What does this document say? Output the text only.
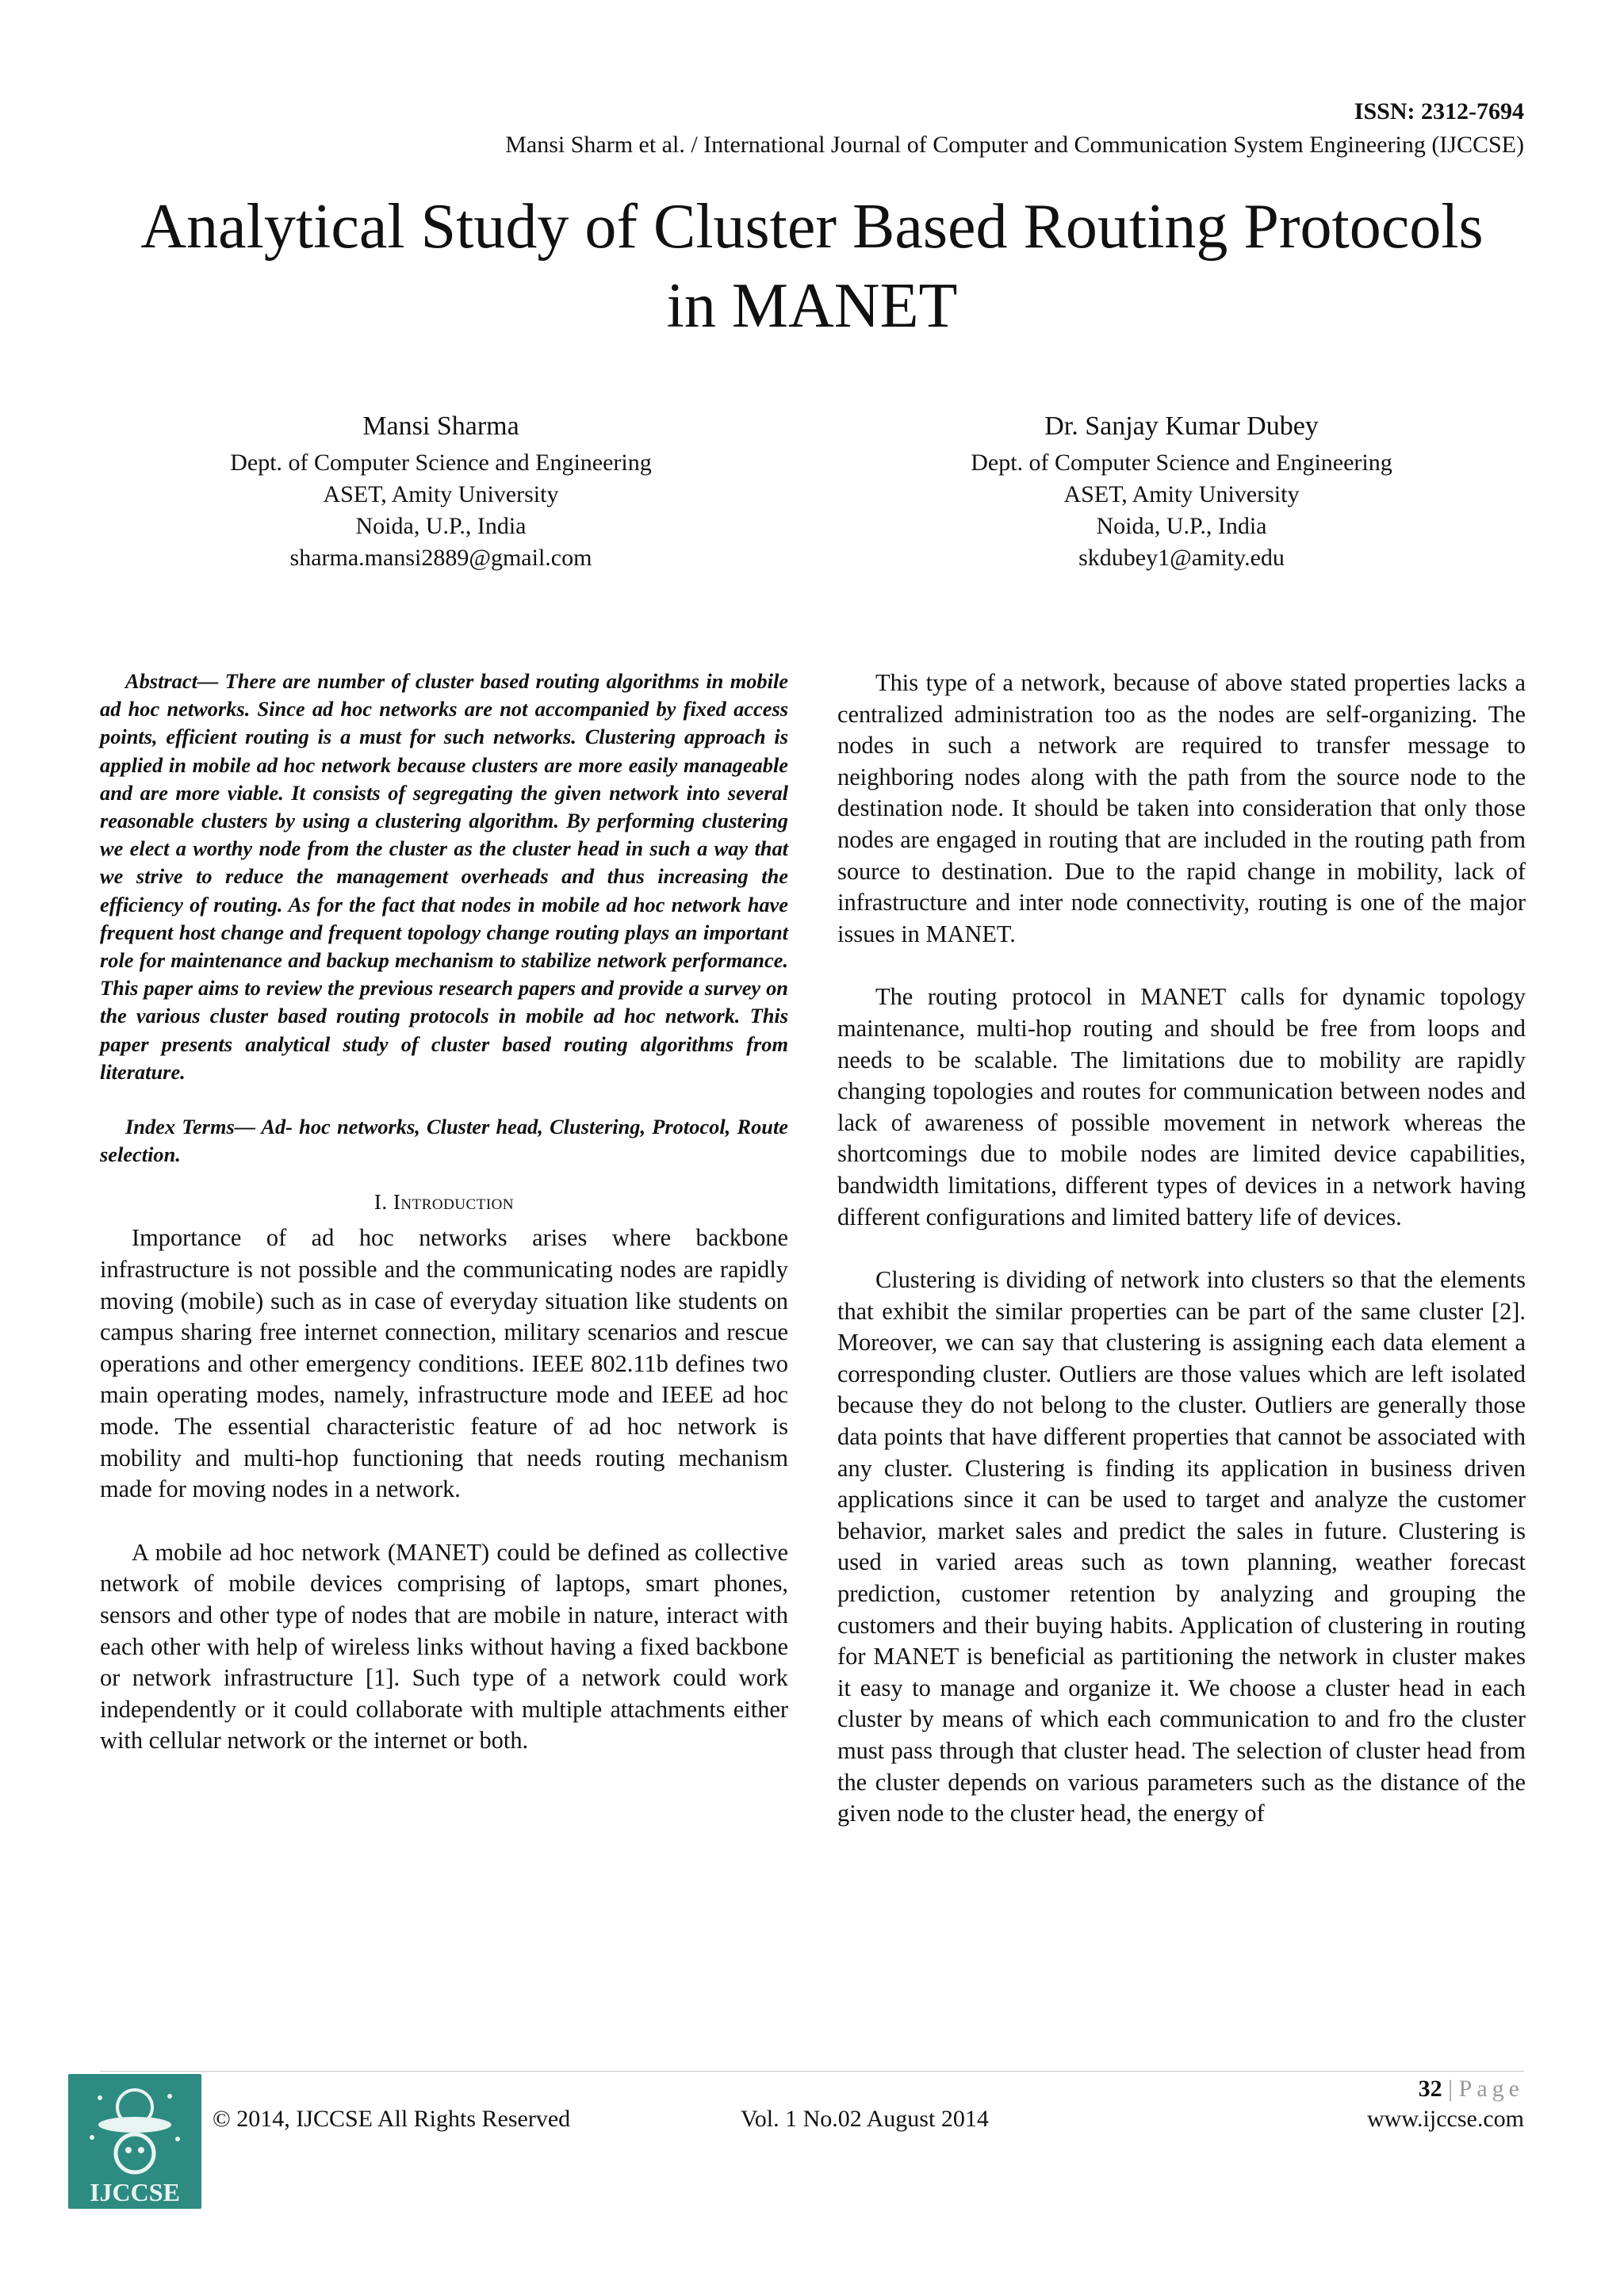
ISSN: 2312-7694
Mansi Sharm et al. / International Journal of Computer and Communication System Engineering (IJCCSE)
Analytical Study of Cluster Based Routing Protocols
in MANET
Mansi Sharma
Dept. of Computer Science and Engineering
ASET, Amity University
Noida, U.P., India
sharma.mansi2889@gmail.com
Dr. Sanjay Kumar Dubey
Dept. of Computer Science and Engineering
ASET, Amity University
Noida, U.P., India
skdubey1@amity.edu

Abstract— There are number of cluster based routing algorithms in mobile ad hoc networks. Since ad hoc networks are not accompanied by fixed access points, efficient routing is a must for such networks. Clustering approach is applied in mobile ad hoc network because clusters are more easily manageable and are more viable. It consists of segregating the given network into several reasonable clusters by using a clustering algorithm. By performing clustering we elect a worthy node from the cluster as the cluster head in such a way that we strive to reduce the management overheads and thus increasing the efficiency of routing. As for the fact that nodes in mobile ad hoc network have frequent host change and frequent topology change routing plays an important role for maintenance and backup mechanism to stabilize network performance. This paper aims to review the previous research papers and provide a survey on the various cluster based routing protocols in mobile ad hoc network. This paper presents analytical study of cluster based routing algorithms from literature.

Index Terms— Ad- hoc networks, Cluster head, Clustering, Protocol, Route selection.

I. Introduction

Importance of ad hoc networks arises where backbone infrastructure is not possible and the communicating nodes are rapidly moving (mobile) such as in case of everyday situation like students on campus sharing free internet connection, military scenarios and rescue operations and other emergency conditions. IEEE 802.11b defines two main operating modes, namely, infrastructure mode and IEEE ad hoc mode. The essential characteristic feature of ad hoc network is mobility and multi-hop functioning that needs routing mechanism made for moving nodes in a network.

A mobile ad hoc network (MANET) could be defined as collective network of mobile devices comprising of laptops, smart phones, sensors and other type of nodes that are mobile in nature, interact with each other with help of wireless links without having a fixed backbone or network infrastructure [1]. Such type of a network could work independently or it could collaborate with multiple attachments either with cellular network or the internet or both.

This type of a network, because of above stated properties lacks a centralized administration too as the nodes are self-organizing. The nodes in such a network are required to transfer message to neighboring nodes along with the path from the source node to the destination node. It should be taken into consideration that only those nodes are engaged in routing that are included in the routing path from source to destination. Due to the rapid change in mobility, lack of infrastructure and inter node connectivity, routing is one of the major issues in MANET.

The routing protocol in MANET calls for dynamic topology maintenance, multi-hop routing and should be free from loops and needs to be scalable. The limitations due to mobility are rapidly changing topologies and routes for communication between nodes and lack of awareness of possible movement in network whereas the shortcomings due to mobile nodes are limited device capabilities, bandwidth limitations, different types of devices in a network having different configurations and limited battery life of devices.

Clustering is dividing of network into clusters so that the elements that exhibit the similar properties can be part of the same cluster [2]. Moreover, we can say that clustering is assigning each data element a corresponding cluster. Outliers are those values which are left isolated because they do not belong to the cluster. Outliers are generally those data points that have different properties that cannot be associated with any cluster. Clustering is finding its application in business driven applications since it can be used to target and analyze the customer behavior, market sales and predict the sales in future. Clustering is used in varied areas such as town planning, weather forecast prediction, customer retention by analyzing and grouping the customers and their buying habits. Application of clustering in routing for MANET is beneficial as partitioning the network in cluster makes it easy to manage and organize it. We choose a cluster head in each cluster by means of which each communication to and fro the cluster must pass through that cluster head. The selection of cluster head from the cluster depends on various parameters such as the distance of the given node to the cluster head, the energy of

IJCCSE
© 2014, IJCCSE All Rights Reserved	Vol. 1 No.02 August 2014
32 | Page
www.ijccse.com
